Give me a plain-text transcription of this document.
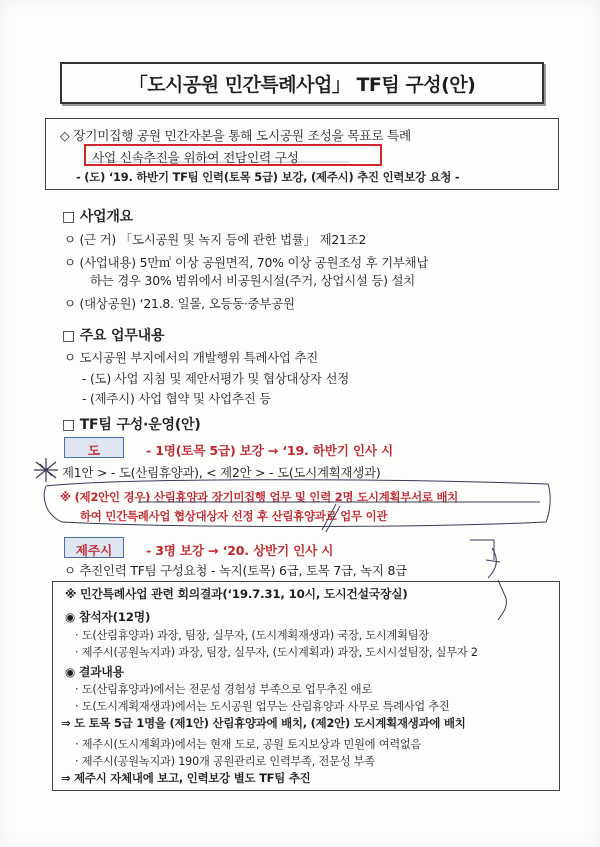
「도시공원 민간특례사업」 TF팀 구성(안)
◇ 장기미집행 공원 민간자본을 통해 도시공원 조성을 목표로 특례
사업 신속추진을 위하여 전담인력 구성
- (도) ‘19. 하반기 TF팀 인력(토목 5급) 보강, (제주시) 추진 인력보강 요청 -
□ 사업개요
ㅇ (근 거) 「도시공원 및 녹지 등에 관한 법률」 제21조2
ㅇ (사업내용) 5만㎡ 이상 공원면적, 70% 이상 공원조성 후 기부채납
하는 경우 30% 범위에서 비공원시설(주거, 상업시설 등) 설치
ㅇ (대상공원) ‘21.8. 일몰, 오등동·중부공원
□ 주요 업무내용
ㅇ 도시공원 부지에서의 개발행위 특례사업 추진
- (도) 사업 지침 및 제안서평가 및 협상대상자 선정
- (제주시) 사업 협약 및 사업추진 등
□ TF팀 구성·운영(안)
도	- 1명(토목 5급) 보강 → ‘19. 하반기 인사 시
제1안 > - 도(산림휴양과), < 제2안 > - 도(도시계획재생과)
※ (제2안인 경우) 산림휴양과 장기미집행 업무 및 인력 2명 도시계획부서로 배치
하여 민간특례사업 협상대상자 선정 후 산림휴양과로 업무 이관
제주시	- 3명 보강 → ‘20. 상반기 인사 시
ㅇ 추진인력 TF팀 구성요청 - 녹지(토목) 6급, 토목 7급, 녹지 8급
※ 민간특례사업 관련 회의결과(‘19.7.31, 10시, 도시건설국장실)
◉ 참석자(12명)
· 도(산림휴양과) 과장, 팀장, 실무자, (도시계획재생과) 국장, 도시계획팀장
· 제주시(공원녹지과) 과장, 팀장, 실무자, (도시계획과) 과장, 도시시설팀장, 실무자 2
◉ 결과내용
· 도(산림휴양과)에서는 전문성 경험성 부족으로 업무추진 애로
· 도(도시계획재생과)에서는 도시공원 업무는 산림휴양과 사무로 특례사업 추진
⇒ 도 토목 5급 1명을 (제1안) 산림휴양과에 배치, (제2안) 도시계획재생과에 배치
· 제주시(도시계획과)에서는 현재 도로, 공원 토지보상과 민원에 여력없음
· 제주시(공원녹지과) 190개 공원관리로 인력부족, 전문성 부족
⇒ 제주시 자체내에 보고, 인력보강 별도 TF팀 추진
